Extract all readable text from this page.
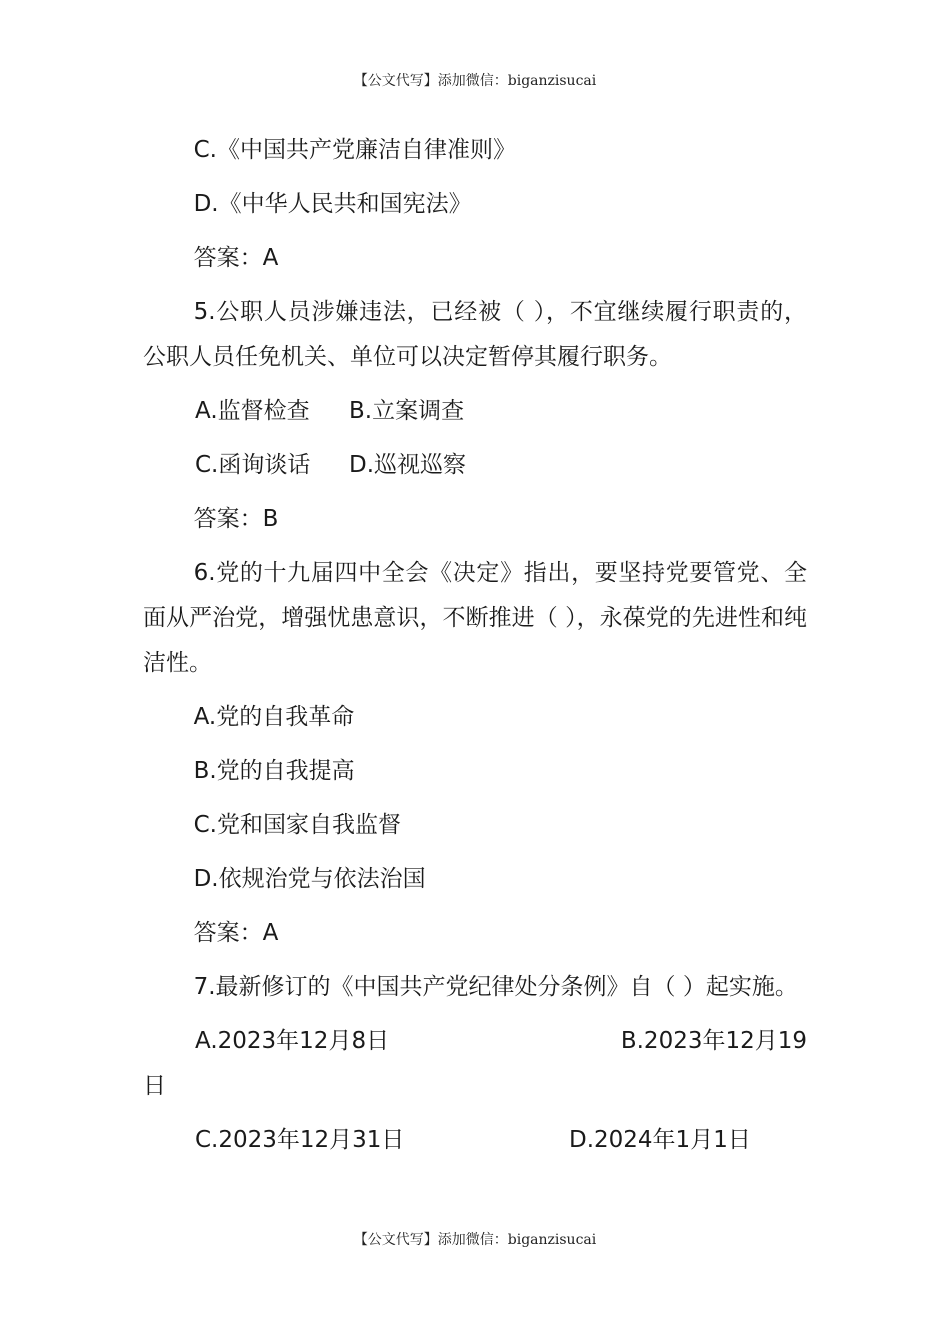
【公文代写】添加微信：biganzisucai

C.《中国共产党廉洁自律准则》

D.《中华人民共和国宪法》

答案：A

5.公职人员涉嫌违法，已经被（ ），不宜继续履行职责的，公职人员任免机关、单位可以决定暂停其履行职务。

A.监督检查	B.立案调查
C.函询谈话	D.巡视巡察

答案：B

6.党的十九届四中全会《决定》指出，要坚持党要管党、全面从严治党，增强忧患意识，不断推进（ ），永葆党的先进性和纯洁性。

A.党的自我革命

B.党的自我提高

C.党和国家自我监督

D.依规治党与依法治国

答案：A

7.最新修订的《中国共产党纪律处分条例》自（ ）起实施。

A.2023年12月8日	B.2023年12月19
日
C.2023年12月31日	D.2024年1月1日
【公文代写】添加微信：biganzisucai
